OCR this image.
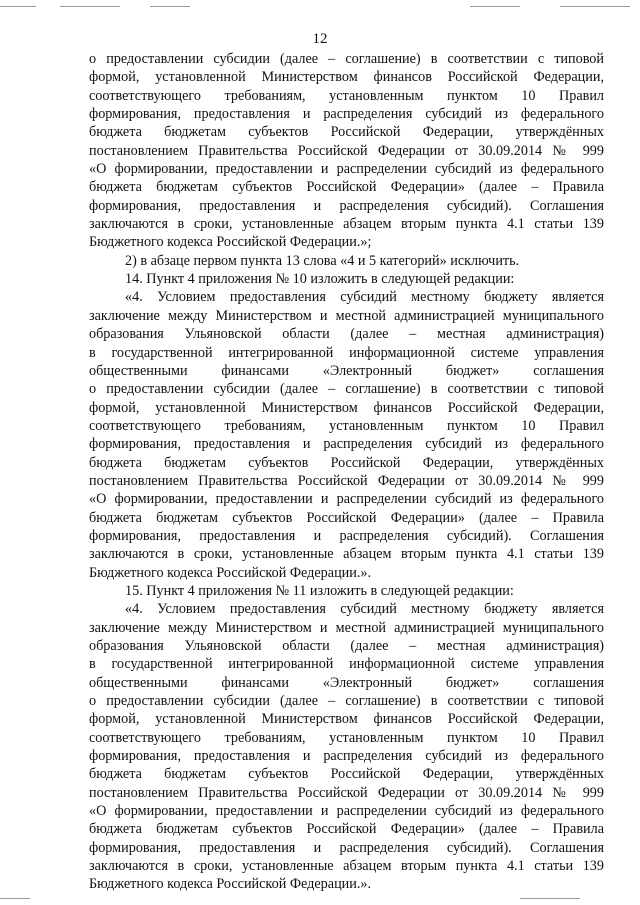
12
о предоставлении субсидии (далее – соглашение) в соответствии с типовой
формой, установленной Министерством финансов Российской Федерации,
соответствующего требованиям, установленным пунктом 10 Правил
формирования, предоставления и распределения субсидий из федерального
бюджета бюджетам субъектов Российской Федерации, утверждённых
постановлением Правительства Российской Федерации от 30.09.2014 № 999
«О формировании, предоставлении и распределении субсидий из федерального
бюджета бюджетам субъектов Российской Федерации» (далее – Правила
формирования, предоставления и распределения субсидий). Соглашения
заключаются в сроки, установленные абзацем вторым пункта 4.1 статьи 139
Бюджетного кодекса Российской Федерации.»;
2) в абзаце первом пункта 13 слова «4 и 5 категорий» исключить.
14. Пункт 4 приложения № 10 изложить в следующей редакции:
«4. Условием предоставления субсидий местному бюджету является
заключение между Министерством и местной администрацией муниципального
образования Ульяновской области (далее – местная администрация)
в государственной интегрированной информационной системе управления
общественными финансами «Электронный бюджет» соглашения
о предоставлении субсидии (далее – соглашение) в соответствии с типовой
формой, установленной Министерством финансов Российской Федерации,
соответствующего требованиям, установленным пунктом 10 Правил
формирования, предоставления и распределения субсидий из федерального
бюджета бюджетам субъектов Российской Федерации, утверждённых
постановлением Правительства Российской Федерации от 30.09.2014 № 999
«О формировании, предоставлении и распределении субсидий из федерального
бюджета бюджетам субъектов Российской Федерации» (далее – Правила
формирования, предоставления и распределения субсидий). Соглашения
заключаются в сроки, установленные абзацем вторым пункта 4.1 статьи 139
Бюджетного кодекса Российской Федерации.».
15. Пункт 4 приложения № 11 изложить в следующей редакции:
«4. Условием предоставления субсидий местному бюджету является
заключение между Министерством и местной администрацией муниципального
образования Ульяновской области (далее – местная администрация)
в государственной интегрированной информационной системе управления
общественными финансами «Электронный бюджет» соглашения
о предоставлении субсидии (далее – соглашение) в соответствии с типовой
формой, установленной Министерством финансов Российской Федерации,
соответствующего требованиям, установленным пунктом 10 Правил
формирования, предоставления и распределения субсидий из федерального
бюджета бюджетам субъектов Российской Федерации, утверждённых
постановлением Правительства Российской Федерации от 30.09.2014 № 999
«О формировании, предоставлении и распределении субсидий из федерального
бюджета бюджетам субъектов Российской Федерации» (далее – Правила
формирования, предоставления и распределения субсидий). Соглашения
заключаются в сроки, установленные абзацем вторым пункта 4.1 статьи 139
Бюджетного кодекса Российской Федерации.».
